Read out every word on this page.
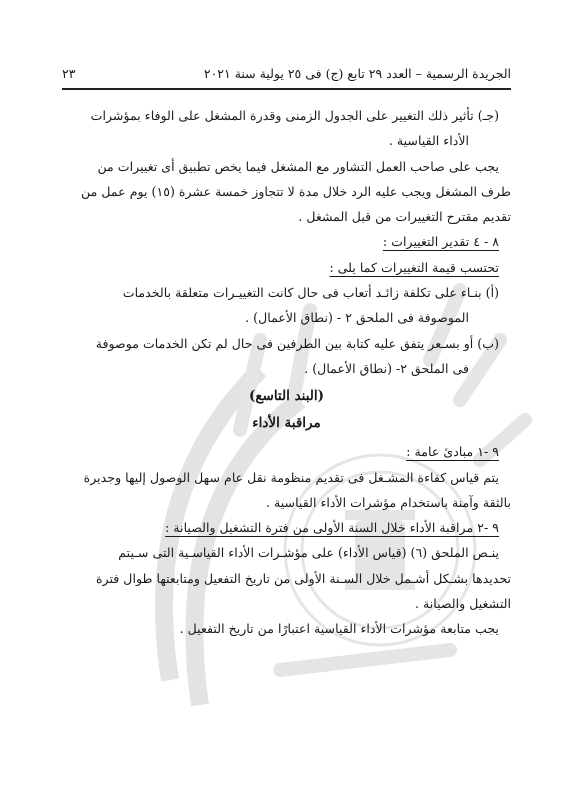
الجريدة الرسمية – العدد ٢٩ تابع (ج) فى ٢٥ يولية سنة ٢٠٢١
٢٣

(جـ) تأثير ذلك التغيير على الجدول الزمنى وقدرة المشغل على الوفاء بمؤشرات

الأداء القياسية .

يجب على صاحب العمل التشاور مع المشغل فيما يخص تطبيق أى تغييرات من

طرف المشغل ويجب عليه الرد خلال مدة لا تتجاوز خمسة عشرة (١٥) يوم عمل من

تقديم مقترح التغييرات من قبل المشغل .

٨ - ٤ تقدير التغييرات :

تحتسب قيمة التغييرات كما يلى :

(أ) بنـاء على تكلفة زائـد أتعاب فى حال كانت التغييـرات متعلقة بالخدمات

الموصوفة فى الملحق ٢ - (نطاق الأعمال) .

(ب) أو بسـعر يتفق عليه كتابة بين الطرفين فى حال لم تكن الخدمات موصوفة

فى الملحق ٢- (نطاق الأعمال) .

(البند التاسع)

مراقبة الأداء

٩ -١ مبادئ عامة :

يتم قياس كفاءة المشـغل فى تقديم منظومة نقل عام سهل الوصول إليها وجديرة

بالثقة وآمنة باستخدام مؤشرات الأداء القياسية .

٩ -٢ مراقبة الأداء خلال السنة الأولى من فترة التشغيل والصيانة :

ينـص الملحق (٦) (قياس الأداء) على مؤشـرات الأداء القياسـية التى سـيتم

تحديدها بشـكل أشـمل خلال السـنة الأولى من تاريخ التفعيل ومتابعتها طوال فترة

التشغيل والصيانة .

يجب متابعة مؤشرات الأداء القياسية اعتبارًا من تاريخ التفعيل .
